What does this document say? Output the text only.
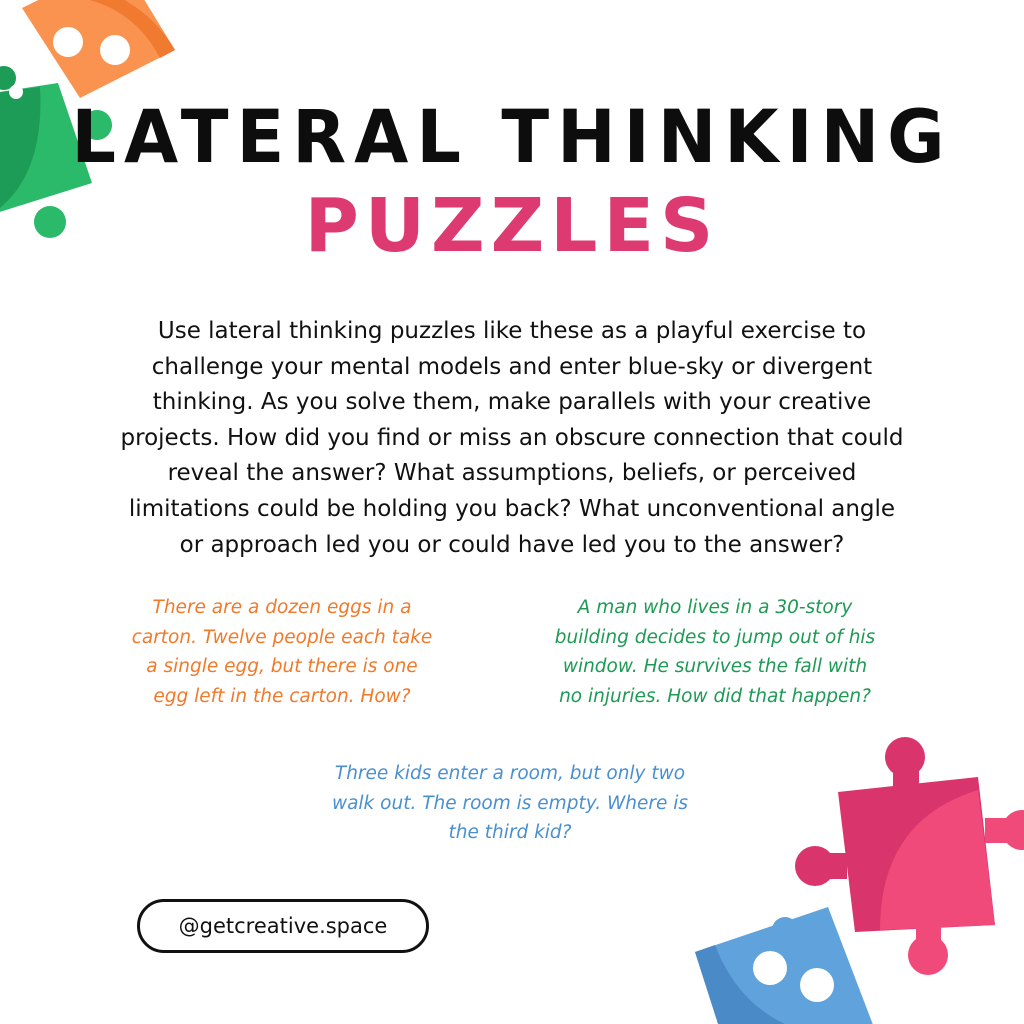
LATERAL THINKING
PUZZLES
Use lateral thinking puzzles like these as a playful exercise to
challenge your mental models and enter blue-sky or divergent
thinking. As you solve them, make parallels with your creative
projects. How did you find or miss an obscure connection that could
reveal the answer? What assumptions, beliefs, or perceived
limitations could be holding you back? What unconventional angle
or approach led you or could have led you to the answer?
There are a dozen eggs in a
carton. Twelve people each take
a single egg, but there is one
egg left in the carton. How?
A man who lives in a 30-story
building decides to jump out of his
window. He survives the fall with
no injuries. How did that happen?
Three kids enter a room, but only two
walk out. The room is empty. Where is
the third kid?
@getcreative.space
